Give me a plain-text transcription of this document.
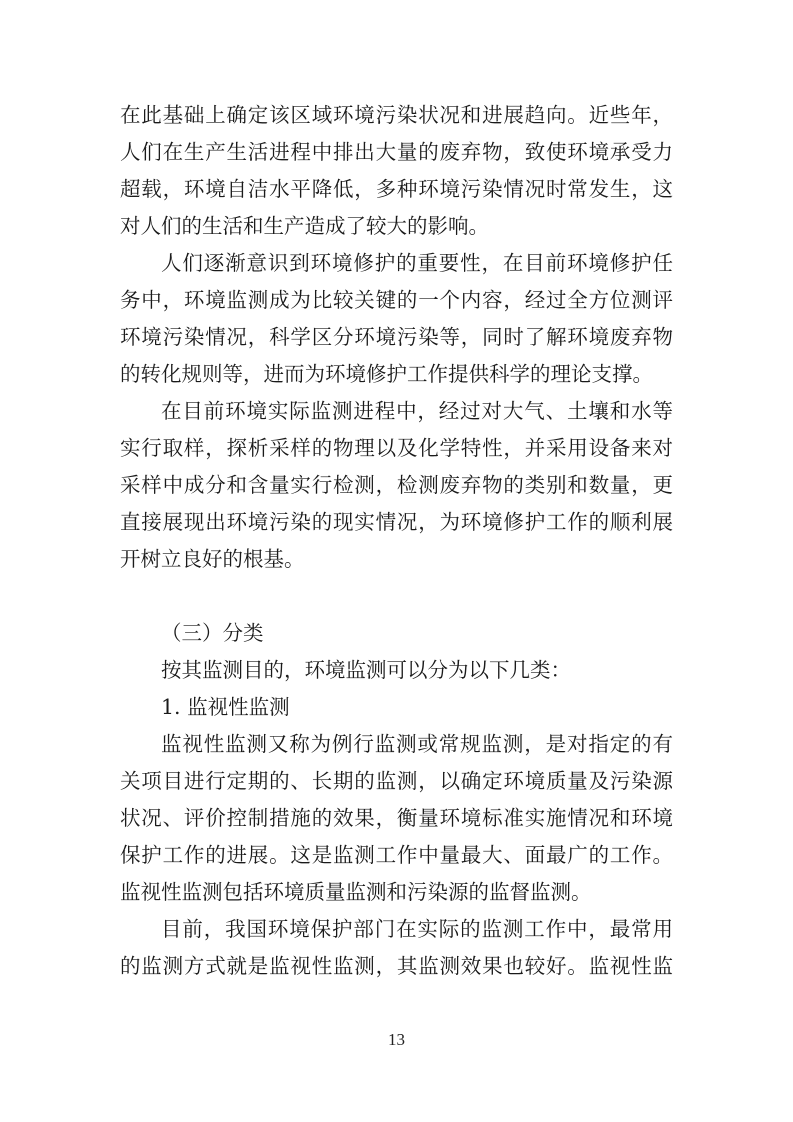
在此基础上确定该区域环境污染状况和进展趋向。近些年，
人们在生产生活进程中排出大量的废弃物，致使环境承受力
超载，环境自洁水平降低，多种环境污染情况时常发生，这
对人们的生活和生产造成了较大的影响。
人们逐渐意识到环境修护的重要性，在目前环境修护任
务中，环境监测成为比较关键的一个内容，经过全方位测评
环境污染情况，科学区分环境污染等，同时了解环境废弃物
的转化规则等，进而为环境修护工作提供科学的理论支撑。
在目前环境实际监测进程中，经过对大气、土壤和水等
实行取样，探析采样的物理以及化学特性，并采用设备来对
采样中成分和含量实行检测，检测废弃物的类别和数量，更
直接展现出环境污染的现实情况，为环境修护工作的顺利展
开树立良好的根基。
（三）分类
按其监测目的，环境监测可以分为以下几类：
1. 监视性监测
监视性监测又称为例行监测或常规监测，是对指定的有
关项目进行定期的、长期的监测，以确定环境质量及污染源
状况、评价控制措施的效果，衡量环境标准实施情况和环境
保护工作的进展。这是监测工作中量最大、面最广的工作。
监视性监测包括环境质量监测和污染源的监督监测。
目前，我国环境保护部门在实际的监测工作中，最常用
的监测方式就是监视性监测，其监测效果也较好。监视性监
13
